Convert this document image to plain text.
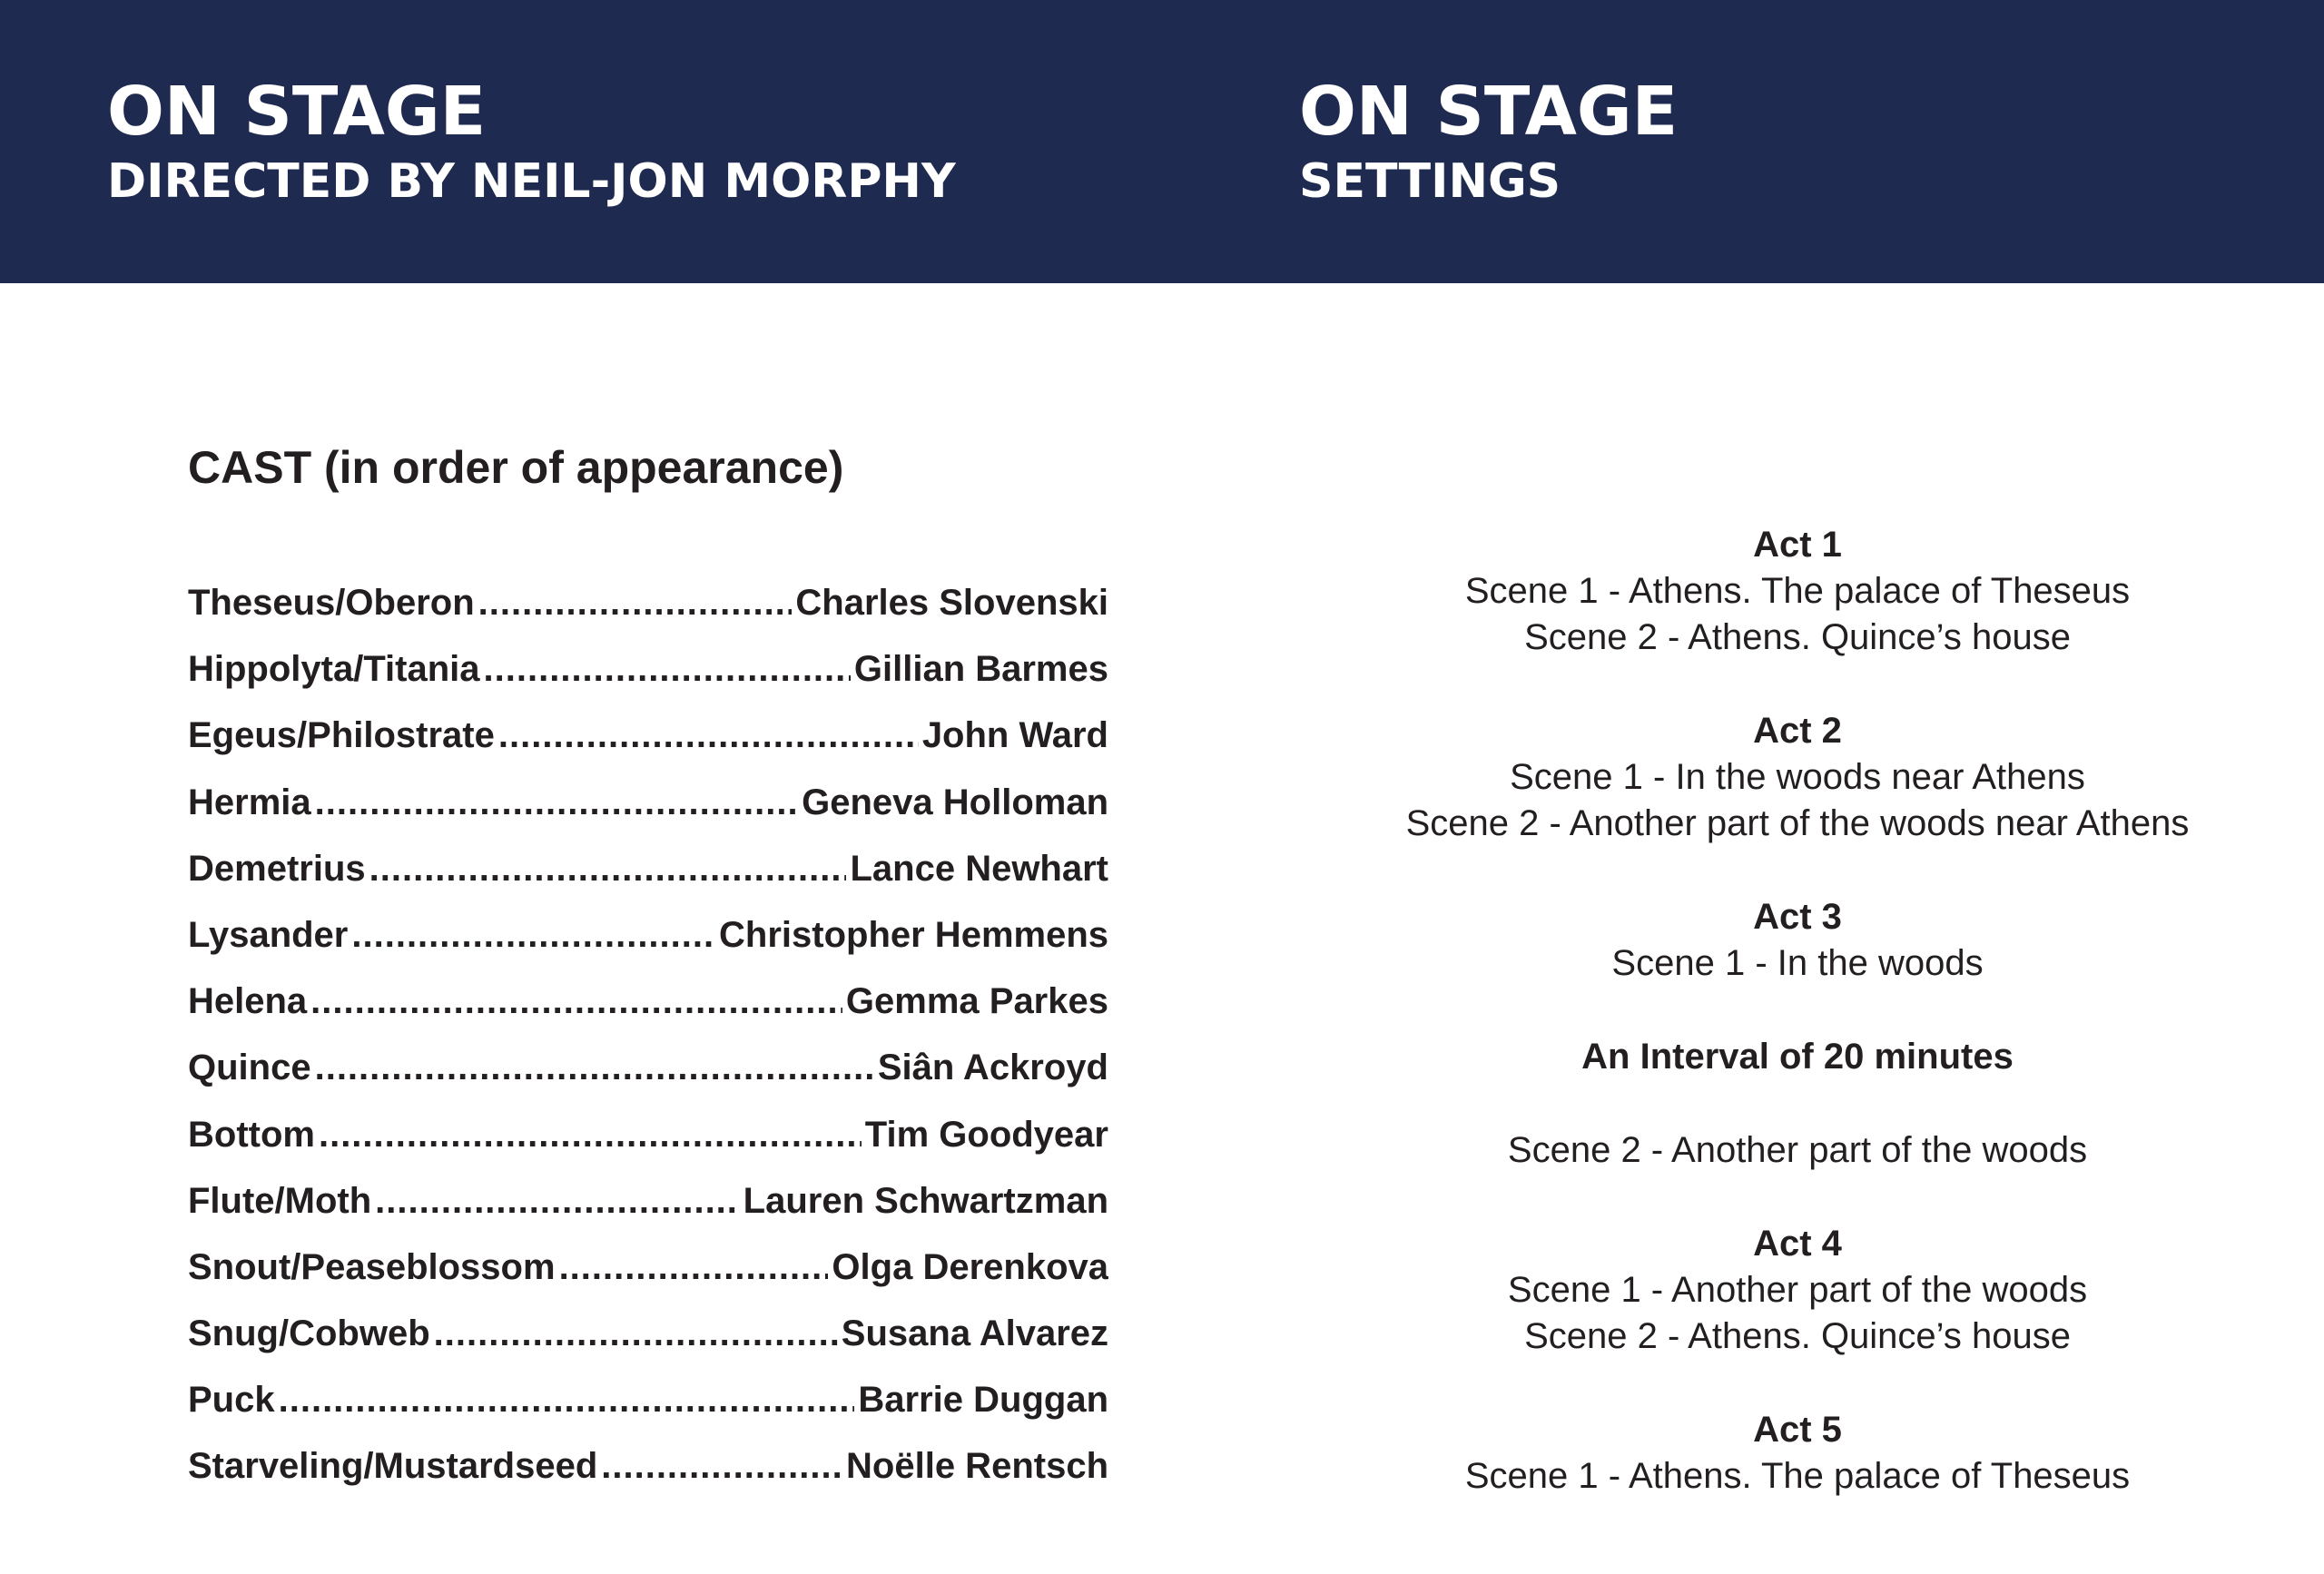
ON STAGE
DIRECTED BY NEIL-JON MORPHY
ON STAGE
SETTINGS
CAST (in order of appearance)
Theseus/Oberon .....	Charles Slovenski
Hippolyta/Titania .....	Gillian Barmes
Egeus/Philostrate .....	John Ward
Hermia .....	Geneva Holloman
Demetrius .....	Lance Newhart
Lysander .....	Christopher Hemmens
Helena .....	Gemma Parkes
Quince .....	Siân Ackroyd
Bottom .....	Tim Goodyear
Flute/Moth .....	Lauren Schwartzman
Snout/Peaseblossom .....	Olga Derenkova
Snug/Cobweb .....	Susana Alvarez
Puck .....	Barrie Duggan
Starveling/Mustardseed .....	Noëlle Rentsch
Act 1
Scene 1 - Athens. The palace of Theseus
Scene 2 - Athens. Quince’s house
Act 2
Scene 1 - In the woods near Athens
Scene 2 - Another part of the woods near Athens
Act 3
Scene 1 - In the woods
An Interval of 20 minutes
Scene 2 - Another part of the woods
Act 4
Scene 1 - Another part of the woods
Scene 2 - Athens. Quince’s house
Act 5
Scene 1 - Athens. The palace of Theseus
